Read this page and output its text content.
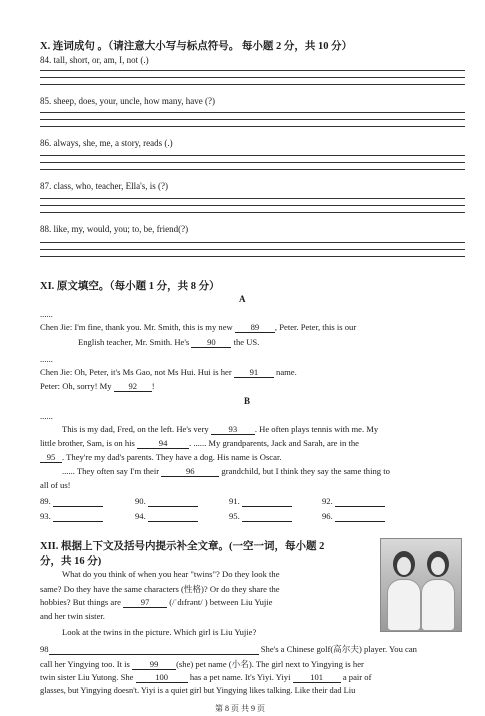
X. 连词成句 。（请注意大小写与标点符号。 每小题 2 分，共 10 分）
84. tall, short, or, am, I, not (.)
85. sheep, does, your, uncle, how many, have (?)
86. always, she, me, a story, reads (.)
87. class, who, teacher, Ella's, is (?)
88. like, my, would, you; to, be, friend(?)
XI. 原文填空。（每小题 1 分，共 8 分）
A
......
Chen Jie: I'm fine, thank you. Mr. Smith, this is my new 89 , Peter. Peter, this is our
English teacher, Mr. Smith. He's 90 the US.
......
Chen Jie: Oh, Peter, it's Ms Gao, not Ms Hui. Hui is her 91 name.
Peter: Oh, sorry! My 92 !
B
......
This is my dad, Fred, on the left. He's very 93 . He often plays tennis with me. My
little brother, Sam, is on his	94	. ...... My grandparents, Jack and Sarah, are in the
95 . They're my dad's parents. They have a dog. His name is Oscar.
...... They often say I'm their	96	grandchild, but I think they say the same thing to
all of us!
89.	90.	91.	92.
93.	94.	95.	96.
XII. 根据上下文及括号内提示补全文章。(一空一词，每小题 2
分，共 16 分)
What do you think of when you hear "twins"? Do they look the
same? Do they have the same characters (性格)? Or do they share the
hobbies? But things are 97 (/ˈdɪfrənt/ ) between Liu Yujie
and her twin sister.
Look at the twins in the picture. Which girl is Liu Yujie?
98	She's a Chinese golf(高尔夫) player. You can
call her Yingying too. It is 99 (she) pet name (小名). The girl next to Yingying is her
twin sister Liu Yutong. She	100	has a pet name. It's Yiyi. Yiyi 101 a pair of
glasses, but Yingying doesn't. Yiyi is a quiet girl but Yingying likes talking. Like their dad Liu
第 8 页 共 9 页
